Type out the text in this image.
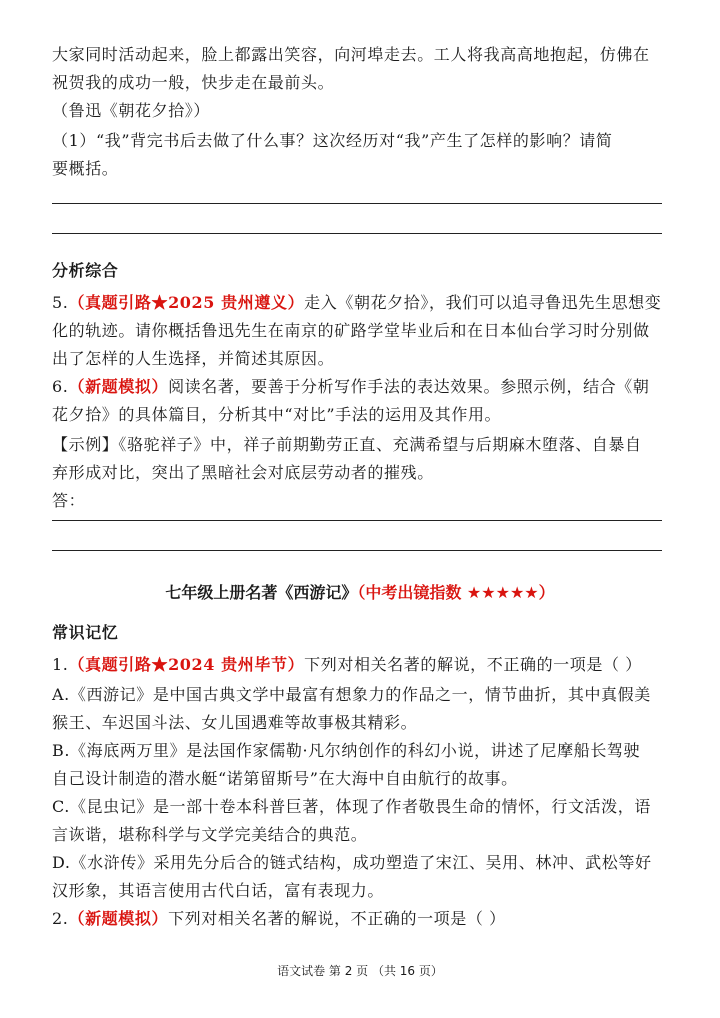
大家同时活动起来，脸上都露出笑容，向河埠走去。工人将我高高地抱起，仿佛在
祝贺我的成功一般，快步走在最前头。
（鲁迅《朝花夕拾》）
（1）“我”背完书后去做了什么事？这次经历对“我”产生了怎样的影响？请简
要概括。
分析综合
5.（真题引路★2025 贵州遵义）走入《朝花夕拾》，我们可以追寻鲁迅先生思想变
化的轨迹。请你概括鲁迅先生在南京的矿路学堂毕业后和在日本仙台学习时分别做
出了怎样的人生选择，并简述其原因。
6.（新题模拟）阅读名著，要善于分析写作手法的表达效果。参照示例，结合《朝
花夕拾》的具体篇目，分析其中“对比”手法的运用及其作用。
【示例】《骆驼祥子》中，祥子前期勤劳正直、充满希望与后期麻木堕落、自暴自
弃形成对比，突出了黑暗社会对底层劳动者的摧残。
答：
七年级上册名著《西游记》（中考出镜指数 ★★★★★）
常识记忆
1.（真题引路★2024 贵州毕节）下列对相关名著的解说，不正确的一项是（ ）
A.《西游记》是中国古典文学中最富有想象力的作品之一，情节曲折，其中真假美
猴王、车迟国斗法、女儿国遇难等故事极其精彩。
B.《海底两万里》是法国作家儒勒·凡尔纳创作的科幻小说，讲述了尼摩船长驾驶
自己设计制造的潜水艇“诺第留斯号”在大海中自由航行的故事。
C.《昆虫记》是一部十卷本科普巨著，体现了作者敬畏生命的情怀，行文活泼，语
言诙谐，堪称科学与文学完美结合的典范。
D.《水浒传》采用先分后合的链式结构，成功塑造了宋江、吴用、林冲、武松等好
汉形象，其语言使用古代白话，富有表现力。
2.（新题模拟）下列对相关名著的解说，不正确的一项是（ ）
语文试卷 第 2 页 （共 16 页）
